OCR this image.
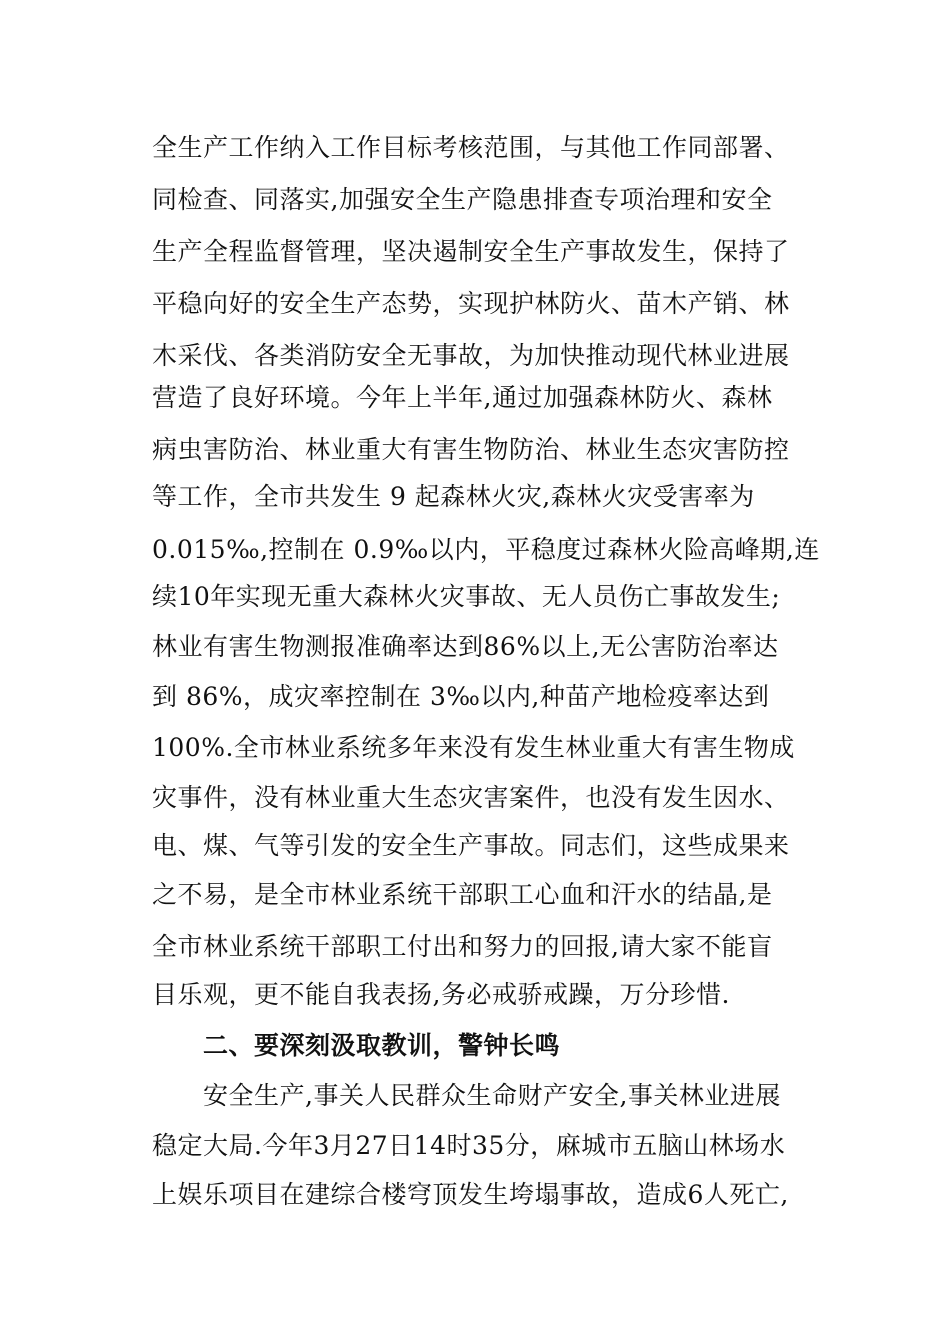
全生产工作纳入工作目标考核范围，与其他工作同部署、
同检查、同落实,加强安全生产隐患排查专项治理和安全
生产全程监督管理，坚决遏制安全生产事故发生，保持了
平稳向好的安全生产态势，实现护林防火、苗木产销、林
木采伐、各类消防安全无事故，为加快推动现代林业进展
营造了良好环境。今年上半年,通过加强森林防火、森林
病虫害防治、林业重大有害生物防治、林业生态灾害防控
等工作，全市共发生 9 起森林火灾,森林火灾受害率为
0.015‰,控制在 0.9‰以内，平稳度过森林火险高峰期,连
续10年实现无重大森林火灾事故、无人员伤亡事故发生;
林业有害生物测报准确率达到86%以上,无公害防治率达
到 86%，成灾率控制在 3‰以内,种苗产地检疫率达到
100%.全市林业系统多年来没有发生林业重大有害生物成
灾事件，没有林业重大生态灾害案件，也没有发生因水、
电、煤、气等引发的安全生产事故。同志们，这些成果来
之不易，是全市林业系统干部职工心血和汗水的结晶,是
全市林业系统干部职工付出和努力的回报,请大家不能盲
目乐观，更不能自我表扬,务必戒骄戒躁，万分珍惜.
二、要深刻汲取教训，警钟长鸣
安全生产,事关人民群众生命财产安全,事关林业进展
稳定大局.今年3月27日14时35分，麻城市五脑山林场水
上娱乐项目在建综合楼穹顶发生垮塌事故，造成6人死亡,
